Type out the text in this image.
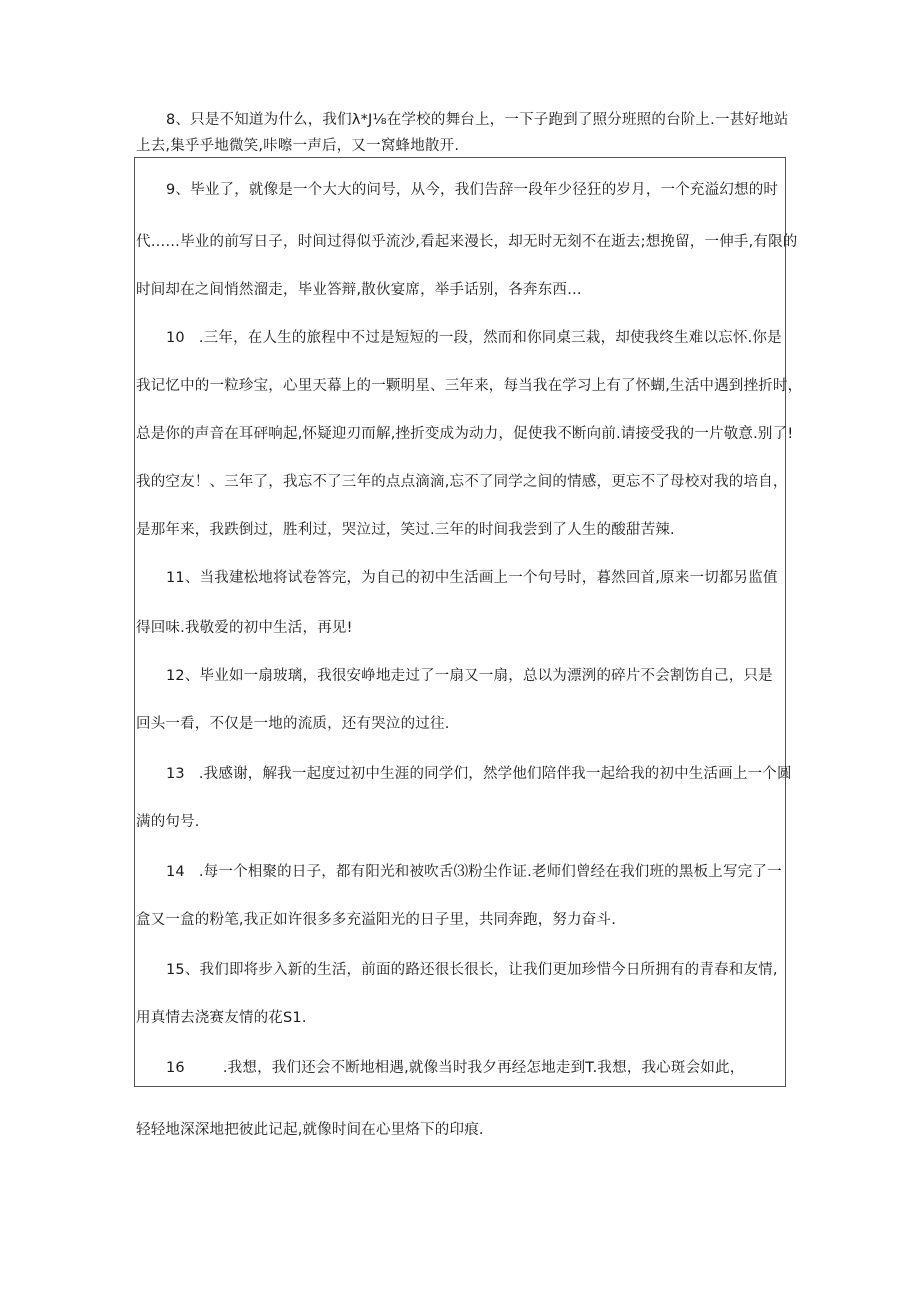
8、只是不知道为什么，我们λ*J⅛在学校的舞台上，一下子跑到了照分班照的台阶上.一甚好地站
上去,集乎乎地微笑,咔嚓一声后，又一窝蜂地散开.
9、毕业了，就像是一个大大的问号，从今，我们告辞一段年少径狂的岁月，一个充溢幻想的时
代……毕业的前写日子，时间过得似乎流沙,看起来漫长，却无时无刻不在逝去;想挽留，一伸手,有限的
时间却在之间悄然溜走，毕业答辩,散伙宴席，举手话别，各奔东西…
10 .三年，在人生的旅程中不过是短短的一段，然而和你同桌三栽，却使我终生难以忘怀.你是
我记忆中的一粒珍宝，心里天幕上的一颗明星、三年来，每当我在学习上有了怀蝴,生活中遇到挫折时，
总是你的声音在耳砰响起,怀疑迎刃而解,挫折变成为动力，促使我不断向前.请接受我的一片敬意.别了!
我的空友！、三年了，我忘不了三年的点点滴滴,忘不了同学之间的情感，更忘不了母校对我的培自，
是那年来，我跌倒过，胜利过，哭泣过，笑过.三年的时间我尝到了人生的酸甜苦辣.
11、当我建松地将试卷答完，为自己的初中生活画上一个句号时，暮然回首,原来一切都另监值
得回味.我敬爱的初中生活，再见!
12、毕业如一扇玻璃，我很安峥地走过了一扇又一扇，总以为漂洌的碎片不会割饬自己，只是
回头一看，不仅是一地的流质，还有哭泣的过往.
13 .我感谢，解我一起度过初中生涯的同学们，然学他们陪伴我一起给我的初中生活画上一个圆
满的句号.
14 .每一个相聚的日子，都有阳光和被吹舌⑶粉尘作证.老师们曾经在我们班的黑板上写完了一
盒又一盒的粉笔,我正如许很多多充溢阳光的日子里，共同奔跑，努力奋斗.
15、我们即将步入新的生活，前面的路还很长很长，让我们更加珍惜今日所拥有的青春和友情,
用真情去浇赛友情的花S1.
16	.我想，我们还会不断地相遇,就像当时我夕再经怎地走到T.我想，我心斑会如此，
轻轻地深深地把彼此记起,就像时间在心里烙下的印痕.
